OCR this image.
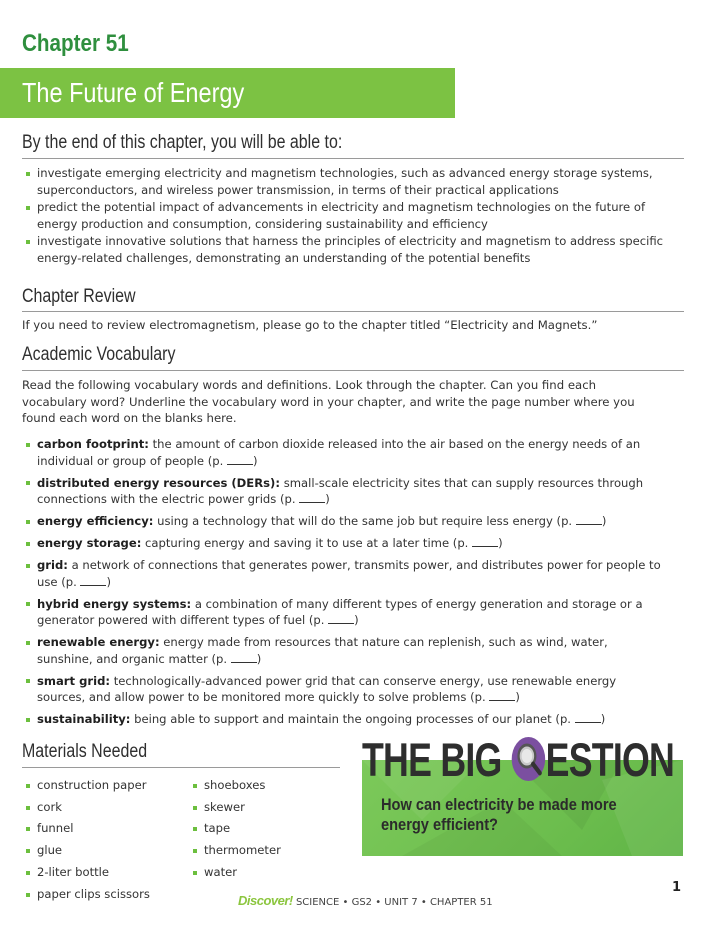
Chapter 51
The Future of Energy
By the end of this chapter, you will be able to:
investigate emerging electricity and magnetism technologies, such as advanced energy storage systems, superconductors, and wireless power transmission, in terms of their practical applications
predict the potential impact of advancements in electricity and magnetism technologies on the future of energy production and consumption, considering sustainability and efficiency
investigate innovative solutions that harness the principles of electricity and magnetism to address specific energy-related challenges, demonstrating an understanding of the potential benefits
Chapter Review
If you need to review electromagnetism, please go to the chapter titled “Electricity and Magnets.”
Academic Vocabulary
Read the following vocabulary words and definitions. Look through the chapter. Can you find each vocabulary word? Underline the vocabulary word in your chapter, and write the page number where you found each word on the blanks here.
carbon footprint: the amount of carbon dioxide released into the air based on the energy needs of an individual or group of people (p.	)
distributed energy resources (DERs): small-scale electricity sites that can supply resources through connections with the electric power grids (p.	)
energy efficiency: using a technology that will do the same job but require less energy (p.	)
energy storage: capturing energy and saving it to use at a later time (p.	)
grid: a network of connections that generates power, transmits power, and distributes power for people to use (p.	)
hybrid energy systems: a combination of many different types of energy generation and storage or a generator powered with different types of fuel (p.	)
renewable energy: energy made from resources that nature can replenish, such as wind, water, sunshine, and organic matter (p.	)
smart grid: technologically-advanced power grid that can conserve energy, use renewable energy sources, and allow power to be monitored more quickly to solve problems (p.	)
sustainability: being able to support and maintain the ongoing processes of our planet (p.	)
Materials Needed
construction paper
cork
funnel
glue
2-liter bottle
paper clips scissors
shoeboxes
skewer
tape
thermometer
water
THE BIG ESTION
How can electricity be made more energy efficient?
Discover! SCIENCE • GS2 • UNIT 7 • CHAPTER 51
1
